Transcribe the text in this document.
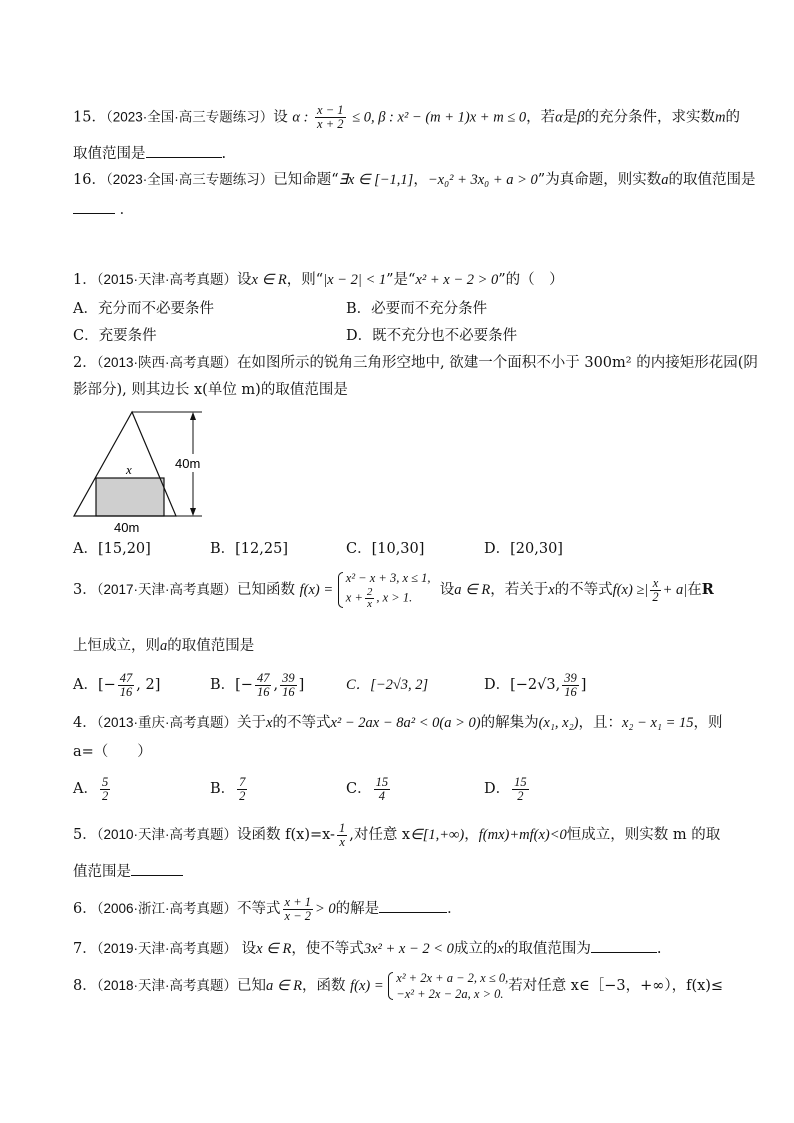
15．（2023·全国·高三专题练习）设 α : $\frac{x - 1}{x + 2} \le 0$, β : x² − (m + 1)x + m ≤ 0，若α是β的充分条件，求实数m的
取值范围是	.
16．（2023·全国·高三专题练习）已知命题“∃x ∈ [−1,1]，−x₀² + 3x₀ + a > 0”为真命题，则实数a的取值范围是
．
1．（2015·天津·高考真题）设x ∈ R，则“|x − 2| < 1”是“x² + x − 2 > 0”的（　）
A．充分而不必要条件	B．必要而不充分条件
C．充要条件	D．既不充分也不必要条件
2．（2013·陕西·高考真题）在如图所示的锐角三角形空地中, 欲建一个面积不小于 300m² 的内接矩形花园(阴
影部分), 则其边长 x(单位 m)的取值范围是
40m
x
40m
A．[15,20]	B．[12,25]	C．[10,30]	D．[20,30]
3．（2017·天津·高考真题）已知函数 f(x) =
x² − x + 3, x ≤ 1,
$x + \frac{2}{x}$ , x > 1.	设a ∈ R，若关于x的不等式f(x) ≥| $\frac{x}{2} + a|$在R
上恒成立，则a的取值范围是
A．[− $\frac{47}{16}$ , 2]	B．[− $\frac{47}{16}$ , $\frac{39}{16}$ ]	C．[−2√3, 2]	D．[−2√3, $\frac{39}{16}$ ]
4．（2013·重庆·高考真题）关于x的不等式x² − 2ax − 8a² < 0(a > 0)的解集为(x₁, x₂)，且：x₂ − x₁ = 15，则
a=（　　）
A． $\frac{5}{2}$	B． $\frac{7}{2}$	C． $\frac{15}{4}$	D． $\frac{15}{2}$
5．（2010·天津·高考真题）设函数 $f(x)=x- \frac{1}{x}$ ,对任意 x∈[1,+∞)，f(mx)+mf(x)<0恒成立，则实数 m 的取
值范围是
6．（2006·浙江·高考真题）不等式 $\frac{x + 1}{x - 2} > 0$的解是	．
7．（2019·天津·高考真题） 设x ∈ R，使不等式3x² + x − 2 < 0成立的x的取值范围为	.
8．（2018·天津·高考真题）已知a ∈ R，函数 f(x) = x² + 2x + a − 2, x ≤ 0,
−x² + 2x − 2a, x > 0. 若对任意 x∈［−3，+∞），f(x)≤
